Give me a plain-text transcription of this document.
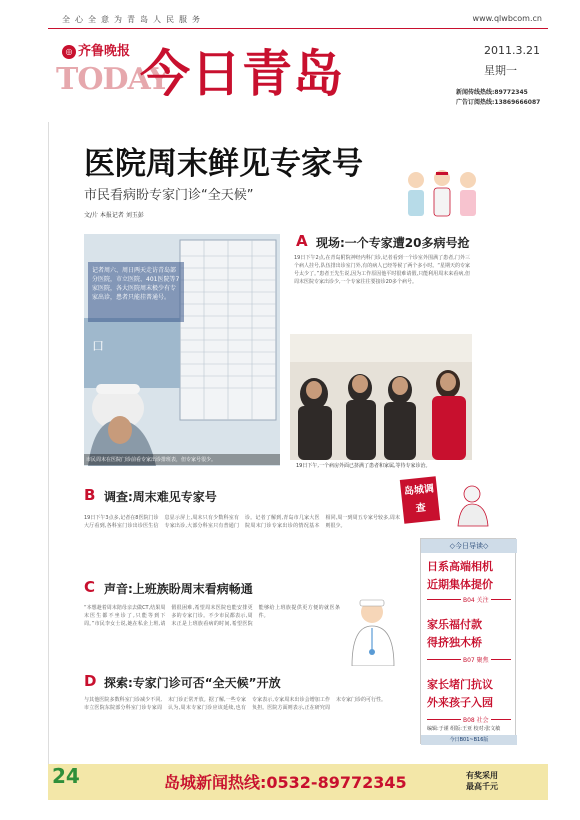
全心全意为青岛人民服务	www.qlwbcom.cn
◎ 齐鲁晚报
TODAY
今日青岛	2011.3.21
星期一
新闻传线热线:89772345
广告订阅热线:13869666087
医院周末鲜见专家号
市民看病盼专家门诊“全天候”
文/片 本报记者 刘玉彭
口
记者周六、周日两天走访青岛部分医院，市立医院、401医院等7家医院，各大医院周末极少有专家出诊，患者只能挂普通号。
市民周末在医院门诊前看专家出诊排班表，但专家号很少。
A 现场:一个专家遭20多病号抢
19日下午2点,在青岛附院神经内科门诊,记者看到一个诊室外围满了患者,门外三个病人挂号,队伍排出诊室门外,有的病人已经等候了两个多小时。“星期天的专家号太少了。”患者王先生说,因为工作原因他平时很难请假,只能利用周末来看病,但周末医院专家出诊少,一个专家往往要接诊20多个病号。
19日下午,一个病房外面已挤满了患者和家属,等待专家诊治。
B 调查:周末难见专家号
19日下午3点多,记者在8医院门诊大厅看到,各科室门诊出诊医生信息显示屏上,周末只有少数科室有专家出诊,大部分科室只有普通门诊。记者了解到,青岛市几家大医院周末门诊专家出诊的情况基本相同,周一到周五专家号较多,周末则很少。
岛城调查
C 声音:上班族盼周末看病畅通
“本想趁着周末陪母亲去做CT,结果周末医生都不坐诊了,只能等到下周。”市民李女士说,她在私企上班,请假很困难,希望周末医院也能安排更多的专家门诊。不少市民都表示,周末正是上班族看病的时间,希望医院能够给上班族提供更方便的就医条件。
D 探索:专家门诊可否“全天候”开放
与其他医院多数科室门诊减少不同,市立医院东院部分科室门诊专家周末门诊正常开放。据了解,一些专家认为,周末专家门诊应该延续,也有专家表示,专家周末出诊会增加工作负担。医院方面则表示,正在研究周末专家门诊的可行性。
◇今日导读◇
日系高端相机
近期集体提价
B04 关注
家乐福付款
得挤独木桥
B07 聚焦
家长堵门抗议
外来孩子入园
B08 社会
编辑:于谨 组版:王亚 校对:张文敏
今日B01~B16版
24	岛城新闻热线:0532-89772345	有奖采用
最高千元
